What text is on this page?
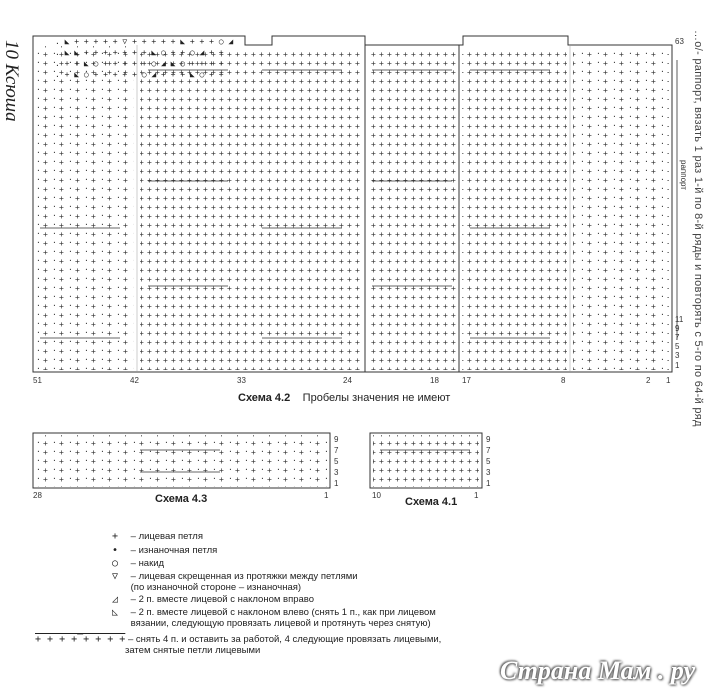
10 Ксюша	…о/- раппорт, вязать 1 раз 1-й по 8-й ряды и повторять с 5-го по 64-й ряд
. ◣ + + + + + ▽ + + + + + ◣ + + + ○ ◢
. ◣ ◣ + + + + + + + ◣ ○ + + ○ ◢ + +
. + + ◣ ○ + + + + + ○ ◢ ◣ ○ + + + +
. + ◣ ○ + + + + + ○ ◢ + + + ◣ ○ + +
раппорт
63
11
9
7
5
3
1
51	42	33	24	18	17	8	2 1
Схема 4.2 Пробелы значения не имеют
9
7
5
3
1
28	1
Схема 4.3
9
7
5
3
1
10	1
Схема 4.1
+ – лицевая петля
• – изнаночная петля
○ – накид
▽ – лицевая скрещенная из протяжки между петлями
(по изнаночной стороне – изнаночная)
◿ – 2 п. вместе лицевой с наклоном вправо
◺ – 2 п. вместе лицевой с наклоном влево (снять 1 п., как при лицевом
вязании, следующую провязать лицевой и протянуть через снятую)
+ + + +‾+ + + + – снять 4 п. и оставить за работой, 4 следующие провязать лицевыми,
затем снятые петли лицевыми
Страна Мам . ру
